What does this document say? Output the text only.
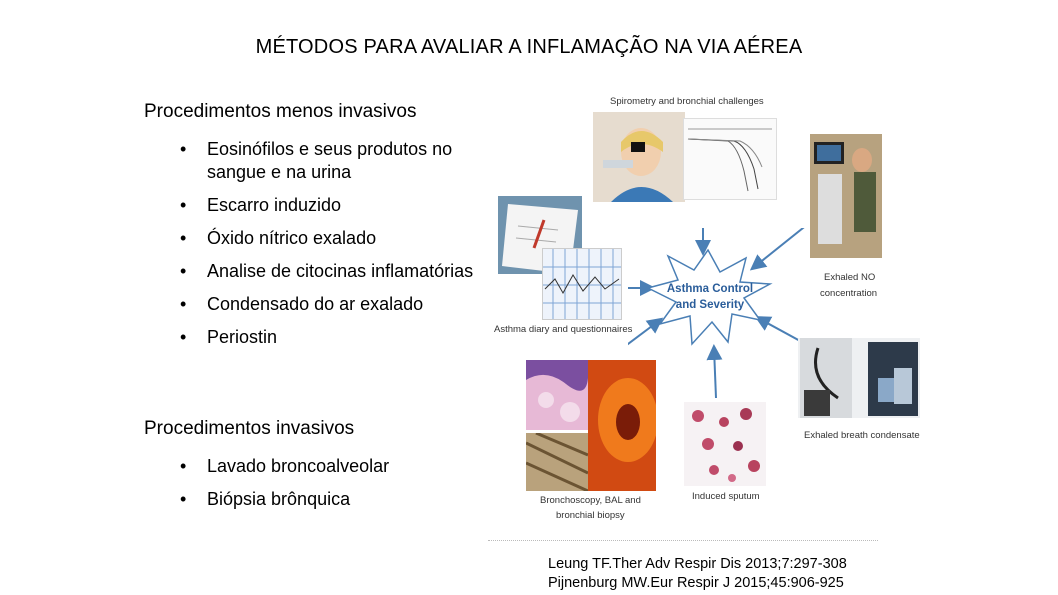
MÉTODOS PARA AVALIAR A INFLAMAÇÃO NA VIA AÉREA
Procedimentos menos invasivos
• Eosinófilos e seus produtos no sangue e na urina
• Escarro induzido
• Óxido nítrico exalado
• Analise de citocinas inflamatórias
• Condensado do ar exalado
• Periostin
Procedimentos invasivos
• Lavado broncoalveolar
• Biópsia brônquica
Spirometry and bronchial challenges
Exhaled NO
concentration
Asthma diary and questionnaires
Asthma Control
and Severity
Exhaled breath condensate
Induced sputum
Bronchoscopy, BAL and
bronchial biopsy
Leung TF.Ther Adv Respir Dis 2013;7:297-308
Pijnenburg MW.Eur Respir J 2015;45:906-925
